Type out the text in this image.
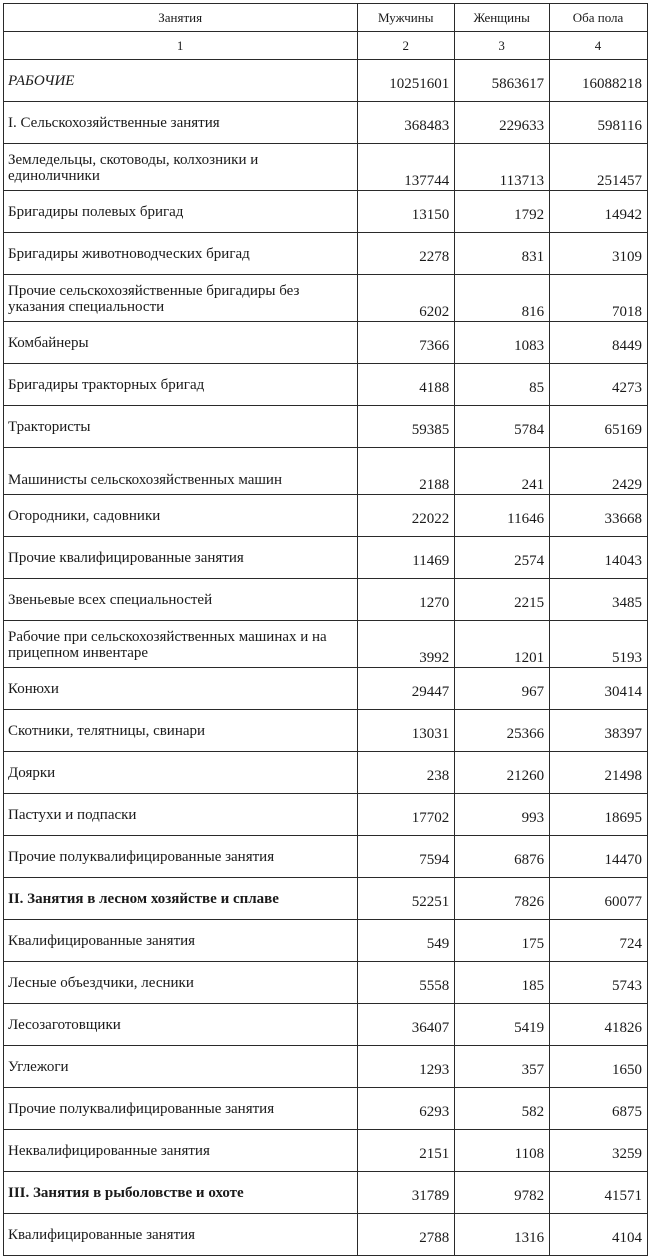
Занятия	Мужчины	Женщины	Оба пола
1	2	3	4
РАБОЧИЕ	10251601	5863617	16088218
I. Сельскохозяйственные занятия	368483	229633	598116
Земледельцы, скотоводы, колхозники и единоличники	137744	113713	251457
Бригадиры полевых бригад	13150	1792	14942
Бригадиры животноводческих бригад	2278	831	3109
Прочие сельскохозяйственные бригадиры без указания специальности	6202	816	7018
Комбайнеры	7366	1083	8449
Бригадиры тракторных бригад	4188	85	4273
Трактористы	59385	5784	65169
Машинисты сельскохозяйственных машин	2188	241	2429
Огородники, садовники	22022	11646	33668
Прочие квалифицированные занятия	11469	2574	14043
Звеньевые всех специальностей	1270	2215	3485
Рабочие при сельскохозяйственных машинах и на прицепном инвентаре	3992	1201	5193
Конюхи	29447	967	30414
Скотники, телятницы, свинари	13031	25366	38397
Доярки	238	21260	21498
Пастухи и подпаски	17702	993	18695
Прочие полуквалифицированные занятия	7594	6876	14470
II. Занятия в лесном хозяйстве и сплаве	52251	7826	60077
Квалифицированные занятия	549	175	724
Лесные объездчики, лесники	5558	185	5743
Лесозаготовщики	36407	5419	41826
Углежоги	1293	357	1650
Прочие полуквалифицированные занятия	6293	582	6875
Неквалифицированные занятия	2151	1108	3259
III. Занятия в рыболовстве и охоте	31789	9782	41571
Квалифицированные занятия	2788	1316	4104
